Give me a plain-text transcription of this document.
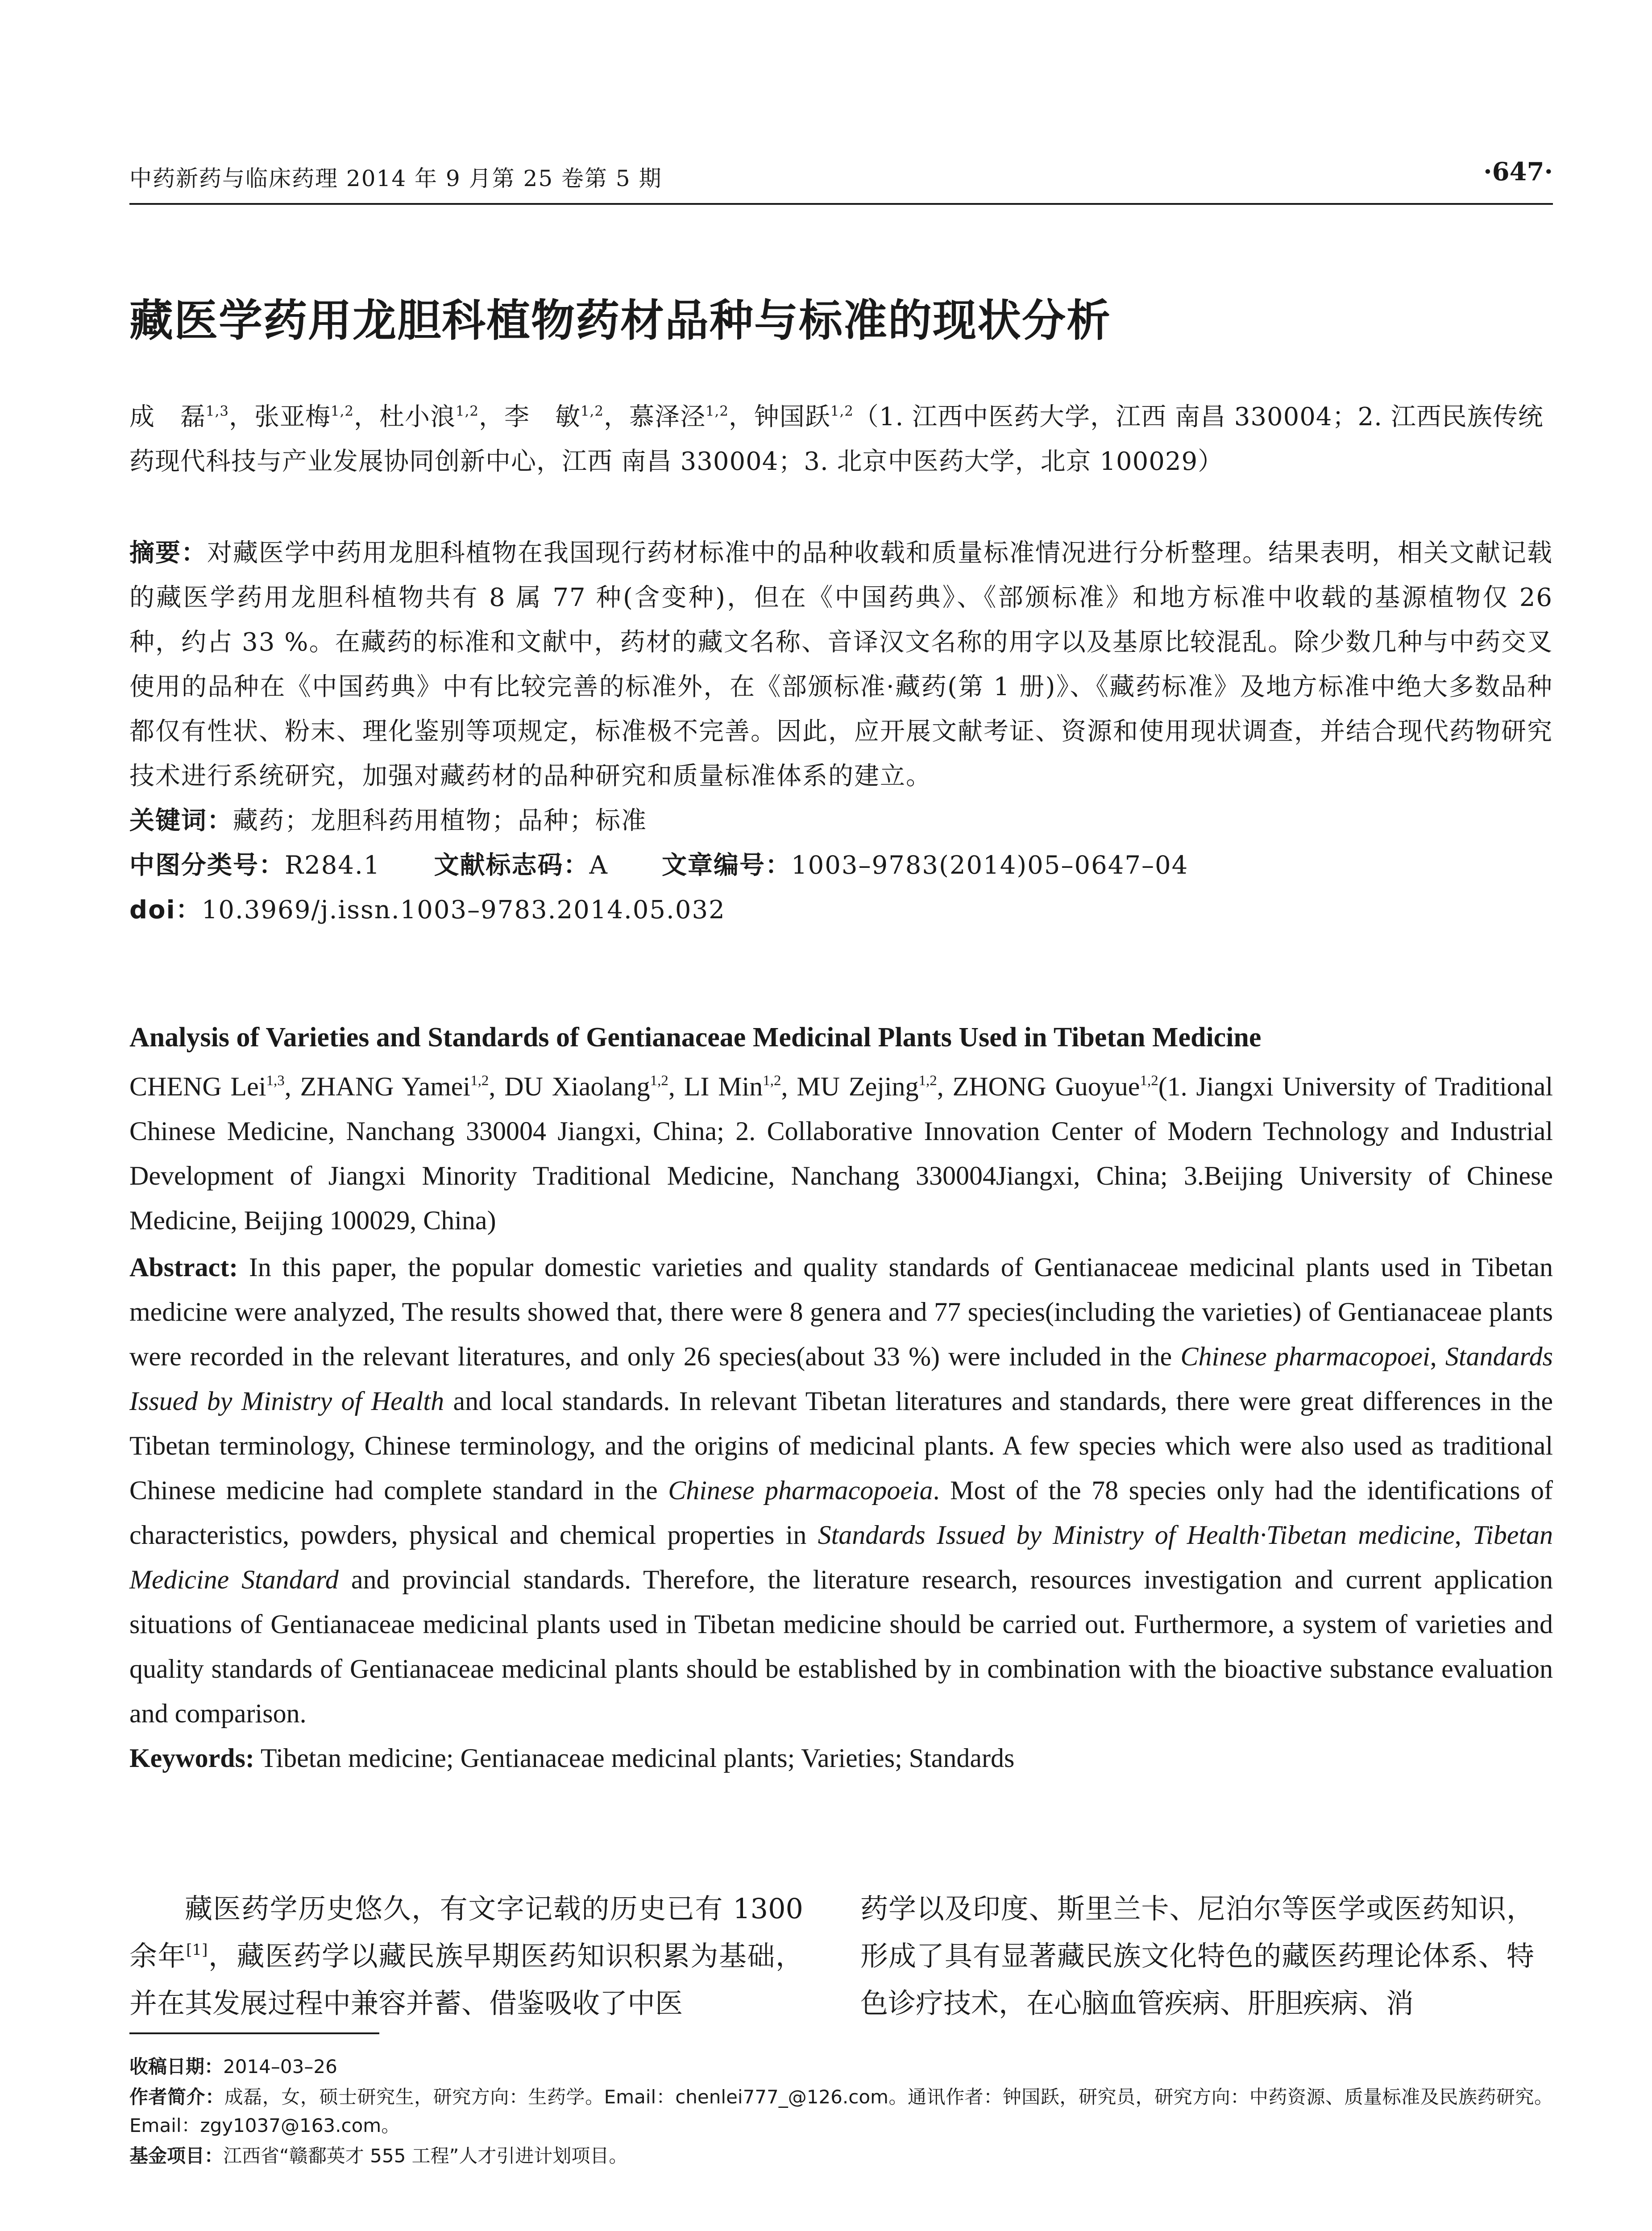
中药新药与临床药理 2014 年 9 月第 25 卷第 5 期	·647·
藏医学药用龙胆科植物药材品种与标准的现状分析
成　磊$^{1,3}$，张亚梅$^{1,2}$，杜小浪$^{1,2}$，李　敏$^{1,2}$，慕泽泾$^{1,2}$，钟国跃$^{1,2}$（1. 江西中医药大学，江西 南昌 330004；2. 江西民族传统药现代科技与产业发展协同创新中心，江西 南昌 330004；3. 北京中医药大学，北京 100029）

摘要：对藏医学中药用龙胆科植物在我国现行药材标准中的品种收载和质量标准情况进行分析整理。结果表明，相关文献记载的藏医学药用龙胆科植物共有 8 属 77 种(含变种)，但在《中国药典》、《部颁标准》和地方标准中收载的基源植物仅 26 种，约占 33 %。在藏药的标准和文献中，药材的藏文名称、音译汉文名称的用字以及基原比较混乱。除少数几种与中药交叉使用的品种在《中国药典》中有比较完善的标准外，在《部颁标准·藏药(第 1 册)》、《藏药标准》及地方标准中绝大多数品种都仅有性状、粉末、理化鉴别等项规定，标准极不完善。因此，应开展文献考证、资源和使用现状调查，并结合现代药物研究技术进行系统研究，加强对藏药材的品种研究和质量标准体系的建立。

关键词：藏药；龙胆科药用植物；品种；标准

中图分类号：R284.1 文献标志码：A 文章编号：1003–9783(2014)05–0647–04

doi：10.3969/j.issn.1003–9783.2014.05.032

Analysis of Varieties and Standards of Gentianaceae Medicinal Plants Used in Tibetan Medicine
CHENG Lei$^{1,3}$, ZHANG Yamei$^{1,2}$, DU Xiaolang$^{1,2}$, LI Min$^{1,2}$, MU Zejing$^{1,2}$, ZHONG Guoyue$^{1,2}$(1. Jiangxi University of Traditional Chinese Medicine, Nanchang 330004 Jiangxi, China; 2. Collaborative Innovation Center of Modern Technology and Industrial Development of Jiangxi Minority Traditional Medicine, Nanchang 330004Jiangxi, China; 3.Beijing University of Chinese Medicine, Beijing 100029, China)

Abstract: In this paper, the popular domestic varieties and quality standards of Gentianaceae medicinal plants used in Tibetan medicine were analyzed, The results showed that, there were 8 genera and 77 species(including the varieties) of Gentianaceae plants were recorded in the relevant literatures, and only 26 species(about 33 %) were included in the Chinese pharmacopoei, Standards Issued by Ministry of Health and local standards. In relevant Tibetan literatures and standards, there were great differences in the Tibetan terminology, Chinese terminology, and the origins of medicinal plants. A few species which were also used as traditional Chinese medicine had complete standard in the Chinese pharmacopoeia. Most of the 78 species only had the identifications of characteristics, powders, physical and chemical properties in Standards Issued by Ministry of Health·Tibetan medicine, Tibetan Medicine Standard and provincial standards. Therefore, the literature research, resources investigation and current application situations of Gentianaceae medicinal plants used in Tibetan medicine should be carried out. Furthermore, a system of varieties and quality standards of Gentianaceae medicinal plants should be established by in combination with the bioactive substance evaluation and comparison.

Keywords: Tibetan medicine; Gentianaceae medicinal plants; Varieties; Standards

藏医药学历史悠久，有文字记载的历史已有 1300 余年[1]，藏医药学以藏民族早期医药知识积累为基础，并在其发展过程中兼容并蓄、借鉴吸收了中医
药学以及印度、斯里兰卡、尼泊尔等医学或医药知识，形成了具有显著藏民族文化特色的藏医药理论体系、特色诊疗技术，在心脑血管疾病、肝胆疾病、消

收稿日期：2014–03–26

作者简介：成磊，女，硕士研究生，研究方向：生药学。Email：chenlei777_@126.com。通讯作者：钟国跃，研究员，研究方向：中药资源、质量标准及民族药研究。Email：zgy1037@163.com。

基金项目：江西省“赣鄱英才 555 工程”人才引进计划项目。
